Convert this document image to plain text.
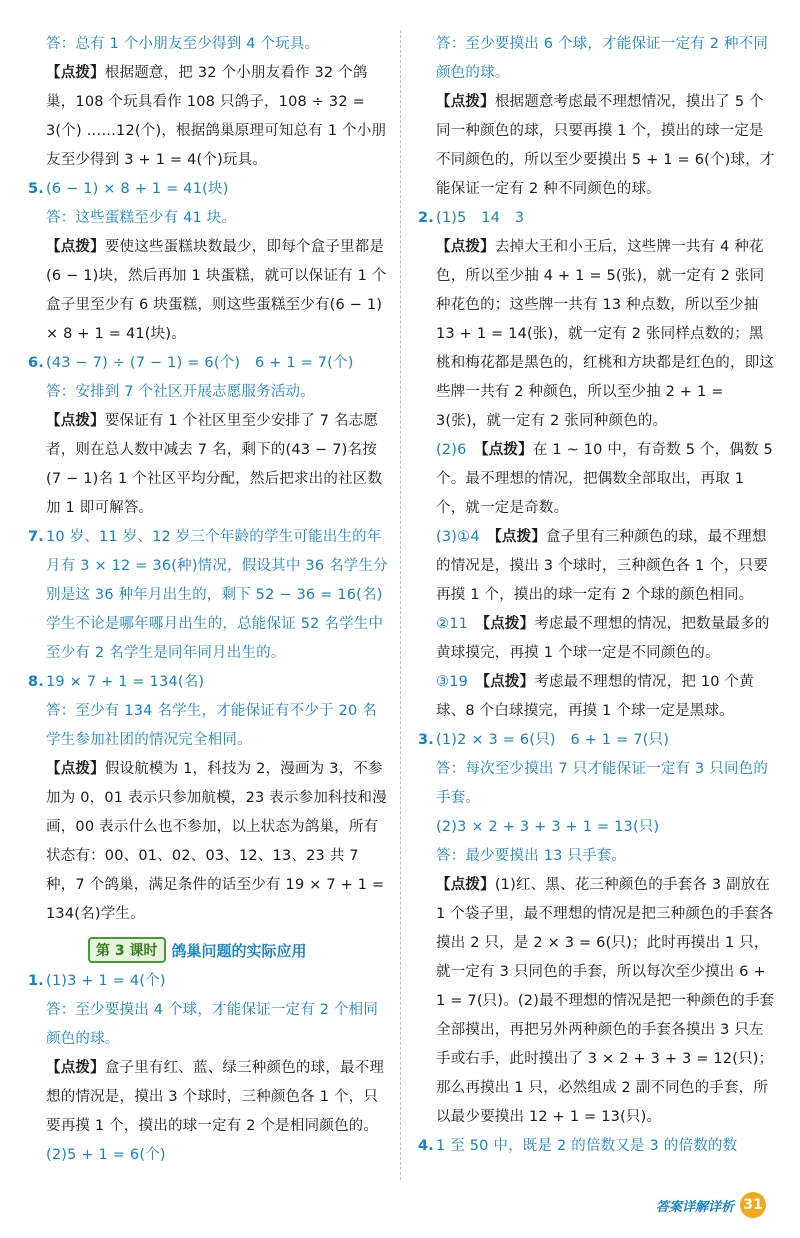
答：总有 1 个小朋友至少得到 4 个玩具。

【点拨】根据题意，把 32 个小朋友看作 32 个鸽巢，108 个玩具看作 108 只鸽子，108 ÷ 32 = 3(个) ……12(个)，根据鸽巢原理可知总有 1 个小朋友至少得到 3 + 1 = 4(个)玩具。

5. (6 − 1) × 8 + 1 = 41(块)

答：这些蛋糕至少有 41 块。

【点拨】要使这些蛋糕块数最少，即每个盒子里都是(6 − 1)块，然后再加 1 块蛋糕，就可以保证有 1 个盒子里至少有 6 块蛋糕，则这些蛋糕至少有(6 − 1) × 8 + 1 = 41(块)。

6. (43 − 7) ÷ (7 − 1) = 6(个)　6 + 1 = 7(个)

答：安排到 7 个社区开展志愿服务活动。

【点拨】要保证有 1 个社区里至少安排了 7 名志愿者，则在总人数中减去 7 名，剩下的(43 − 7)名按(7 − 1)名 1 个社区平均分配，然后把求出的社区数加 1 即可解答。

7. 10 岁、11 岁、12 岁三个年龄的学生可能出生的年月有 3 × 12 = 36(种)情况，假设其中 36 名学生分别是这 36 种年月出生的，剩下 52 − 36 = 16(名)学生不论是哪年哪月出生的，总能保证 52 名学生中至少有 2 名学生是同年同月出生的。

8. 19 × 7 + 1 = 134(名)

答：至少有 134 名学生，才能保证有不少于 20 名学生参加社团的情况完全相同。

【点拨】假设航模为 1，科技为 2，漫画为 3，不参加为 0，01 表示只参加航模，23 表示参加科技和漫画，00 表示什么也不参加，以上状态为鸽巢，所有状态有：00、01、02、03、12、13、23 共 7 种，7 个鸽巢，满足条件的话至少有 19 × 7 + 1 = 134(名)学生。

第 3 课时 鸽巢问题的实际应用

1. (1)3 + 1 = 4(个)

答：至少要摸出 4 个球，才能保证一定有 2 个相同颜色的球。

【点拨】盒子里有红、蓝、绿三种颜色的球，最不理想的情况是，摸出 3 个球时，三种颜色各 1 个，只要再摸 1 个，摸出的球一定有 2 个是相同颜色的。

(2)5 + 1 = 6(个)

答：至少要摸出 6 个球，才能保证一定有 2 种不同颜色的球。

【点拨】根据题意考虑最不理想情况，摸出了 5 个同一种颜色的球，只要再摸 1 个，摸出的球一定是不同颜色的，所以至少要摸出 5 + 1 = 6(个)球，才能保证一定有 2 种不同颜色的球。

2. (1)5　14　3

【点拨】去掉大王和小王后，这些牌一共有 4 种花色，所以至少抽 4 + 1 = 5(张)，就一定有 2 张同种花色的；这些牌一共有 13 种点数，所以至少抽 13 + 1 = 14(张)，就一定有 2 张同样点数的；黑桃和梅花都是黑色的，红桃和方块都是红色的，即这些牌一共有 2 种颜色，所以至少抽 2 + 1 = 3(张)，就一定有 2 张同种颜色的。

(2)6　 【点拨】在 1 ~ 10 中，有奇数 5 个，偶数 5 个。最不理想的情况，把偶数全部取出，再取 1 个，就一定是奇数。

(3)①4　 【点拨】盒子里有三种颜色的球，最不理想的情况是，摸出 3 个球时，三种颜色各 1 个，只要再摸 1 个，摸出的球一定有 2 个球的颜色相同。

②11　 【点拨】考虑最不理想的情况，把数量最多的黄球摸完，再摸 1 个球一定是不同颜色的。

③19　 【点拨】考虑最不理想的情况，把 10 个黄球、8 个白球摸完，再摸 1 个球一定是黑球。

3. (1)2 × 3 = 6(只)　6 + 1 = 7(只)

答：每次至少摸出 7 只才能保证一定有 3 只同色的手套。

(2)3 × 2 + 3 + 3 + 1 = 13(只)

答：最少要摸出 13 只手套。

【点拨】(1)红、黑、花三种颜色的手套各 3 副放在 1 个袋子里，最不理想的情况是把三种颜色的手套各摸出 2 只，是 2 × 3 = 6(只)；此时再摸出 1 只，就一定有 3 只同色的手套，所以每次至少摸出 6 + 1 = 7(只)。(2)最不理想的情况是把一种颜色的手套全部摸出，再把另外两种颜色的手套各摸出 3 只左手或右手，此时摸出了 3 × 2 + 3 + 3 = 12(只)；那么再摸出 1 只，必然组成 2 副不同色的手套，所以最少要摸出 12 + 1 = 13(只)。

4. 1 至 50 中，既是 2 的倍数又是 3 的倍数的数

答案详解详析 31
